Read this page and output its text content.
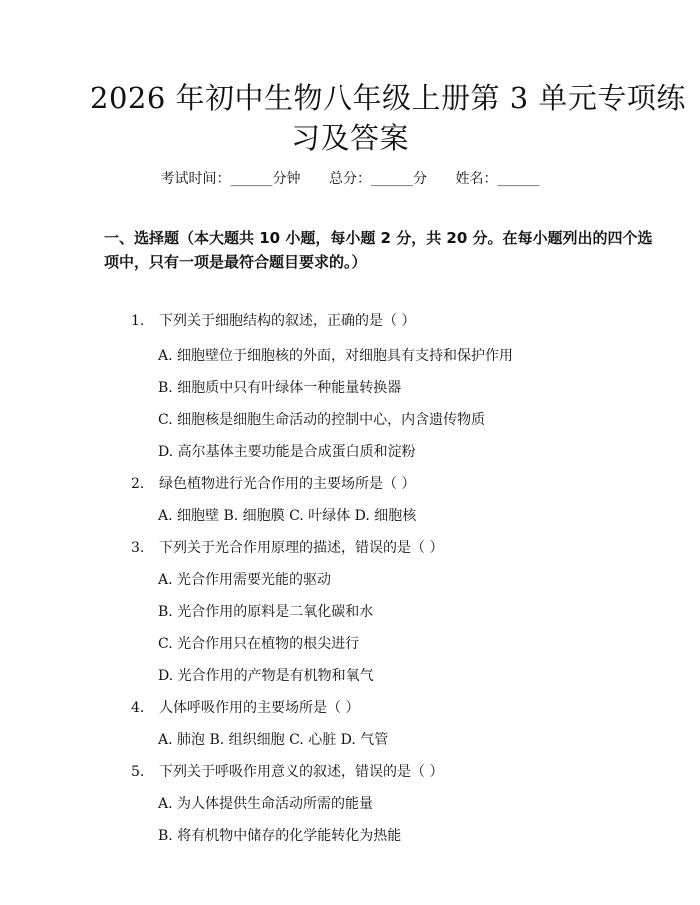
2026 年初中生物八年级上册第 3 单元专项练
习及答案
考试时间：______分钟 总分：______分 姓名：______
一、选择题（本大题共 10 小题，每小题 2 分，共 20 分。在每小题列出的四个选
项中，只有一项是最符合题目要求的。）
1. 下列关于细胞结构的叙述，正确的是（ ）
A. 细胞壁位于细胞核的外面，对细胞具有支持和保护作用
B. 细胞质中只有叶绿体一种能量转换器
C. 细胞核是细胞生命活动的控制中心，内含遗传物质
D. 高尔基体主要功能是合成蛋白质和淀粉
2. 绿色植物进行光合作用的主要场所是（ ）
A. 细胞壁 B. 细胞膜 C. 叶绿体 D. 细胞核
3. 下列关于光合作用原理的描述，错误的是（ ）
A. 光合作用需要光能的驱动
B. 光合作用的原料是二氧化碳和水
C. 光合作用只在植物的根尖进行
D. 光合作用的产物是有机物和氧气
4. 人体呼吸作用的主要场所是（ ）
A. 肺泡 B. 组织细胞 C. 心脏 D. 气管
5. 下列关于呼吸作用意义的叙述，错误的是（ ）
A. 为人体提供生命活动所需的能量
B. 将有机物中储存的化学能转化为热能
